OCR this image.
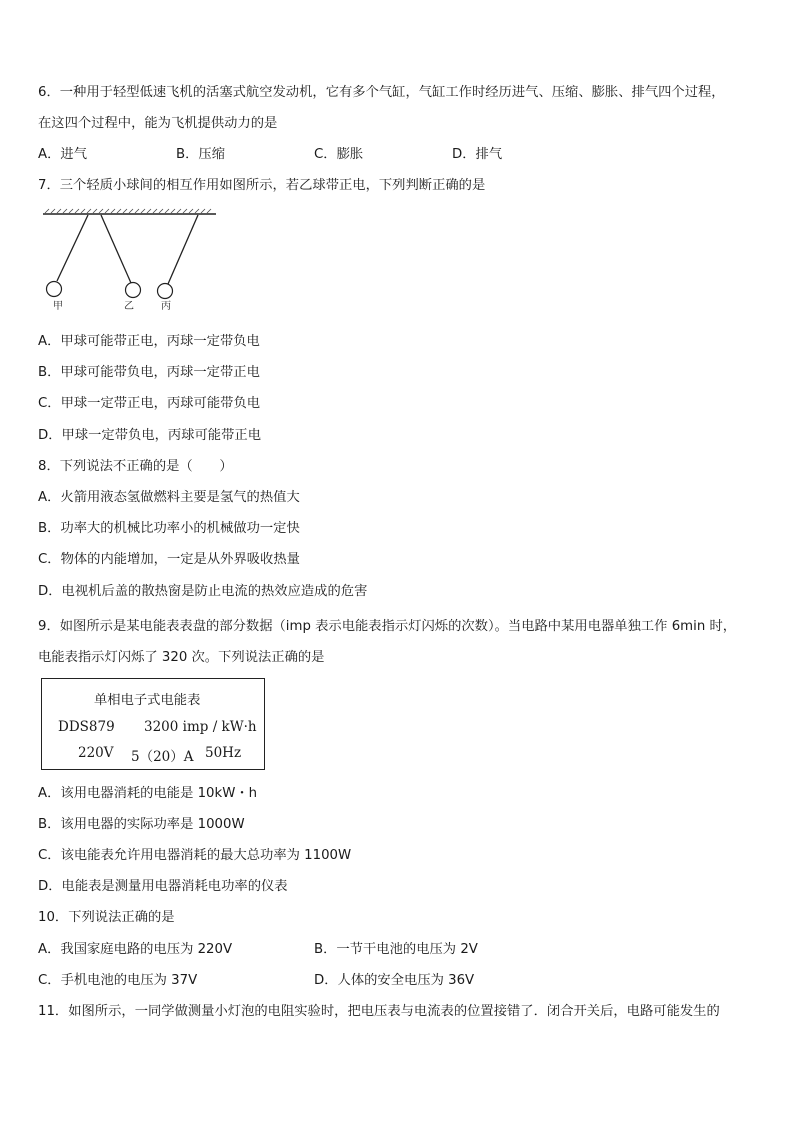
6．一种用于轻型低速飞机的活塞式航空发动机，它有多个气缸，气缸工作时经历进气、压缩、膨胀、排气四个过程，
在这四个过程中，能为飞机提供动力的是
A．进气	B．压缩	C．膨胀	D．排气
7．三个轻质小球间的相互作用如图所示，若乙球带正电，下列判断正确的是
甲	乙	丙
A．甲球可能带正电，丙球一定带负电
B．甲球可能带负电，丙球一定带正电
C．甲球一定带正电，丙球可能带负电
D．甲球一定带负电，丙球可能带正电
8．下列说法不正确的是（　　）
A．火箭用液态氢做燃料主要是氢气的热值大
B．功率大的机械比功率小的机械做功一定快
C．物体的内能增加，一定是从外界吸收热量
D．电视机后盖的散热窗是防止电流的热效应造成的危害
9．如图所示是某电能表表盘的部分数据（imp 表示电能表指示灯闪烁的次数）。当电路中某用电器单独工作 6min 时，
电能表指示灯闪烁了 320 次。下列说法正确的是
单相电子式电能表
DDS879 3200 imp / kW·h
220V 5（20）A 50Hz
A．该用电器消耗的电能是 10kW・h
B．该用电器的实际功率是 1000W
C．该电能表允许用电器消耗的最大总功率为 1100W
D．电能表是测量用电器消耗电功率的仪表
10．下列说法正确的是
A．我国家庭电路的电压为 220V	B．一节干电池的电压为 2V
C．手机电池的电压为 37V	D．人体的安全电压为 36V
11．如图所示，一同学做测量小灯泡的电阻实验时，把电压表与电流表的位置接错了．闭合开关后，电路可能发生的
